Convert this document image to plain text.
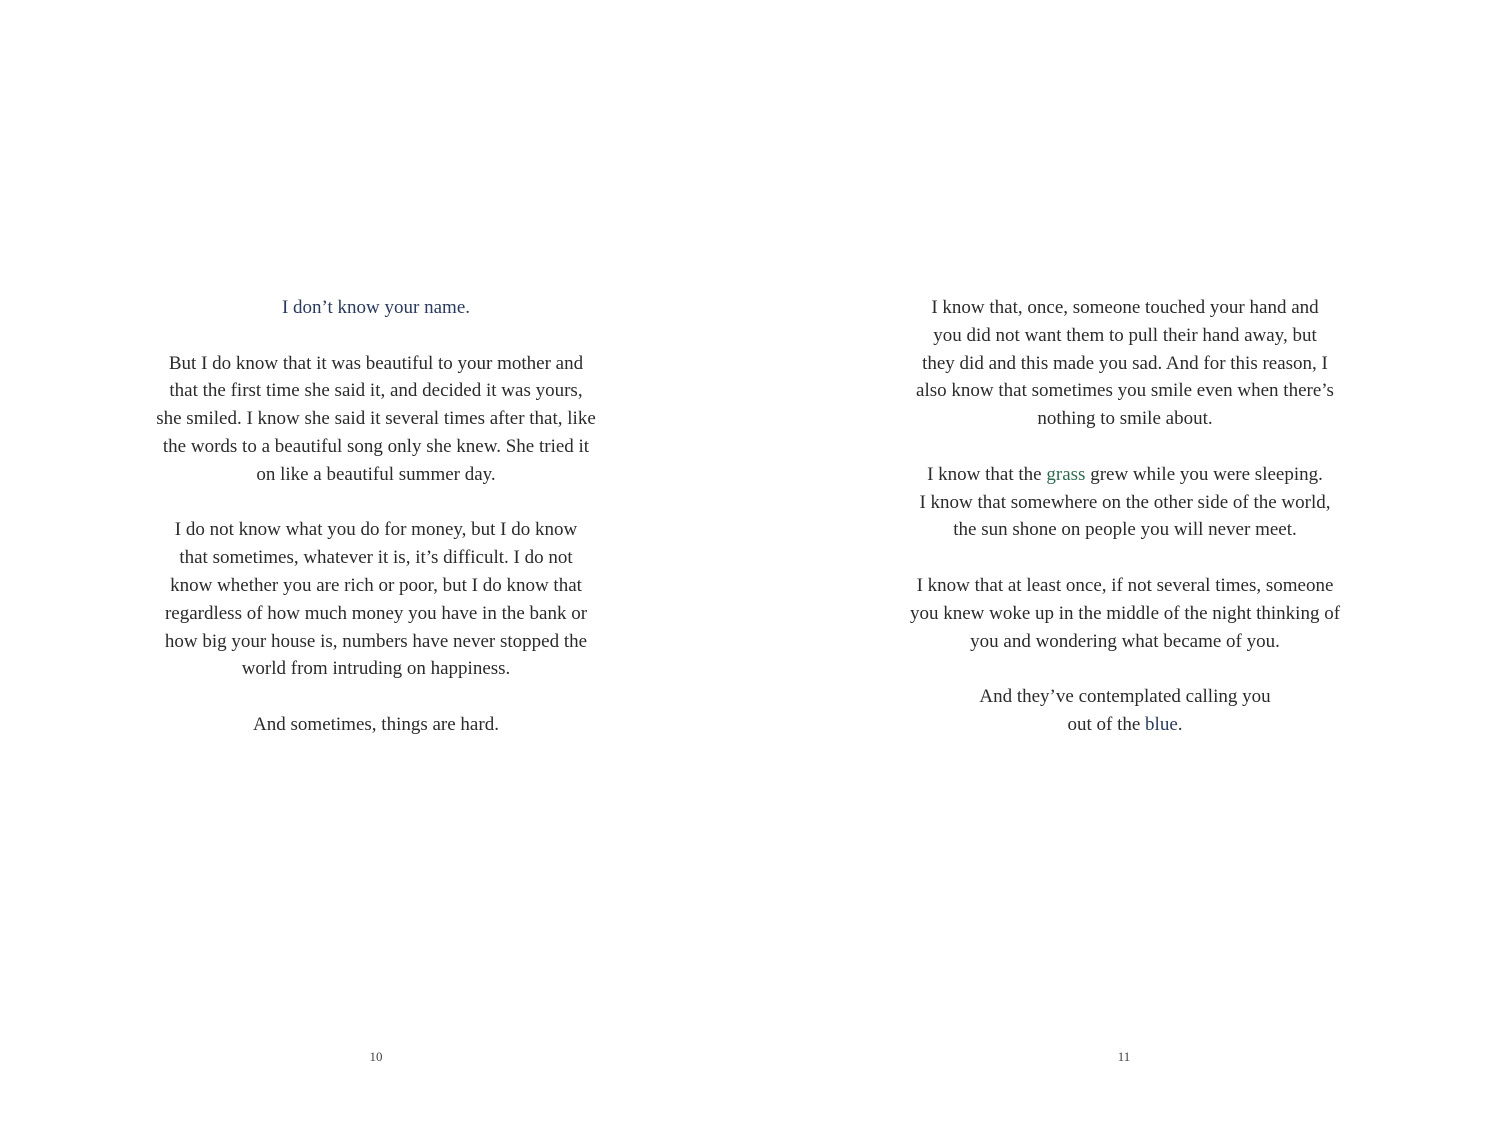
I don’t know your name.

But I do know that it was beautiful to your mother and
that the first time she said it, and decided it was yours,
she smiled. I know she said it several times after that, like
the words to a beautiful song only she knew. She tried it
on like a beautiful summer day.

I do not know what you do for money, but I do know
that sometimes, whatever it is, it’s difficult. I do not
know whether you are rich or poor, but I do know that
regardless of how much money you have in the bank or
how big your house is, numbers have never stopped the
world from intruding on happiness.

And sometimes, things are hard.

10

I know that, once, someone touched your hand and
you did not want them to pull their hand away, but
they did and this made you sad. And for this reason, I
also know that sometimes you smile even when there’s
nothing to smile about.

I know that the grass grew while you were sleeping.
I know that somewhere on the other side of the world,
the sun shone on people you will never meet.

I know that at least once, if not several times, someone
you knew woke up in the middle of the night thinking of
you and wondering what became of you.

And they’ve contemplated calling you
out of the blue.

11
